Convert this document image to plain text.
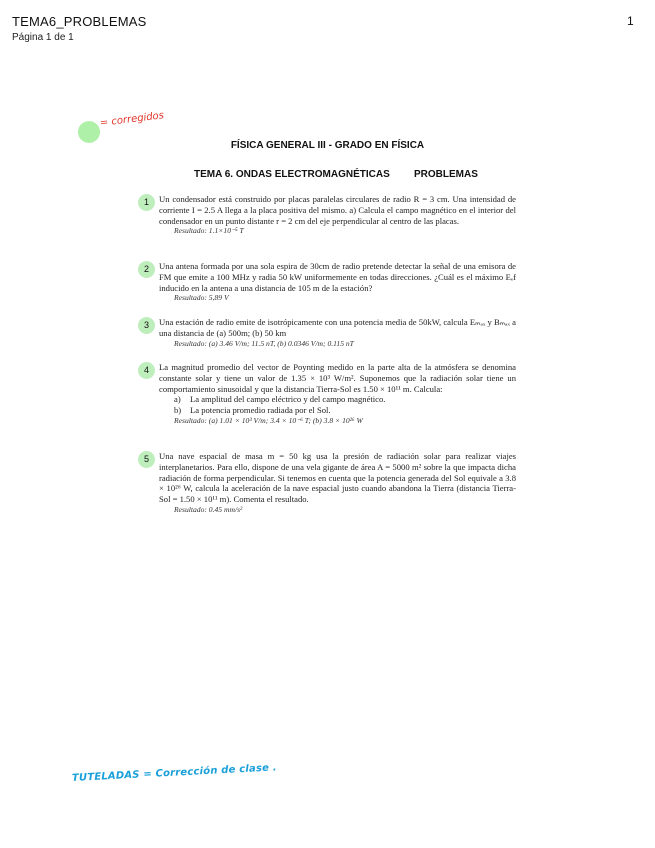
TEMA6_PROBLEMAS
Página 1 de 1
1
= corregidos
FÍSICA GENERAL III - GRADO EN FÍSICA
TEMA 6. ONDAS ELECTROMAGNÉTICAS PROBLEMAS
1	Un condensador está construido por placas paralelas circulares de radio R = 3 cm. Una intensidad de corriente I = 2.5 A llega a la placa positiva del mismo. a) Calcula el campo magnético en el interior del condensador en un punto distante r = 2 cm del eje perpendicular al centro de las placas.
Resultado: 1.1×10⁻⁵ T
2	Una antena formada por una sola espira de 30cm de radio pretende detectar la señal de una emisora de FM que emite a 100 MHz y radia 50 kW uniformemente en todas direcciones. ¿Cuál es el máximo Eₑf inducido en la antena a una distancia de 105 m de la estación?
Resultado: 5,89 V
3	Una estación de radio emite de isotrópicamente con una potencia media de 50kW, calcula Eₘₐₓ y Bₘₐₓ a una distancia de (a) 500m; (b) 50 km
Resultado: (a) 3.46 V/m; 11.5 nT, (b) 0.0346 V/m; 0.115 nT
4	La magnitud promedio del vector de Poynting medido en la parte alta de la atmósfera se denomina constante solar y tiene un valor de 1.35 × 10³ W/m². Suponemos que la radiación solar tiene un comportamiento sinusoidal y que la distancia Tierra-Sol es 1.50 × 10¹¹ m. Calcula:
a)	La amplitud del campo eléctrico y del campo magnético.
b)	La potencia promedio radiada por el Sol.
Resultado: (a) 1.01 × 10³ V/m; 3.4 × 10⁻⁶ T; (b) 3.8 × 10²⁶ W
5	Una nave espacial de masa m = 50 kg usa la presión de radiación solar para realizar viajes interplanetarios. Para ello, dispone de una vela gigante de área A = 5000 m² sobre la que impacta dicha radiación de forma perpendicular. Si tenemos en cuenta que la potencia generada del Sol equivale a 3.8 × 10²⁶ W, calcula la aceleración de la nave espacial justo cuando abandona la Tierra (distancia Tierra-Sol = 1.50 × 10¹¹ m). Comenta el resultado.
Resultado: 0.45 mm/s²
TUTELADAS = Corrección de clase .
